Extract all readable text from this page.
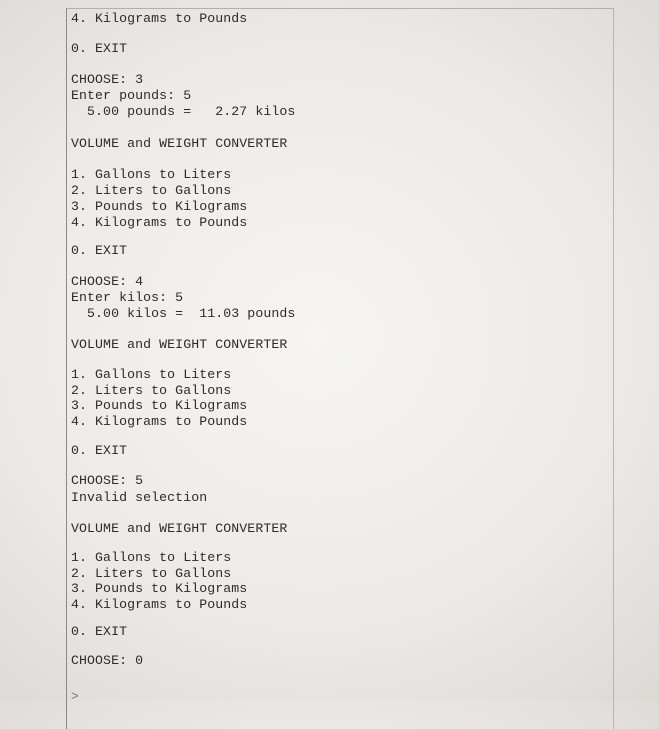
4. Kilograms to Pounds
0. EXIT
CHOOSE: 3
Enter pounds: 5
5.00 pounds =   2.27 kilos
VOLUME and WEIGHT CONVERTER
1. Gallons to Liters
2. Liters to Gallons
3. Pounds to Kilograms
4. Kilograms to Pounds
0. EXIT
CHOOSE: 4
Enter kilos: 5
5.00 kilos =  11.03 pounds
VOLUME and WEIGHT CONVERTER
1. Gallons to Liters
2. Liters to Gallons
3. Pounds to Kilograms
4. Kilograms to Pounds
0. EXIT
CHOOSE: 5
Invalid selection
VOLUME and WEIGHT CONVERTER
1. Gallons to Liters
2. Liters to Gallons
3. Pounds to Kilograms
4. Kilograms to Pounds
0. EXIT
CHOOSE: 0
>
